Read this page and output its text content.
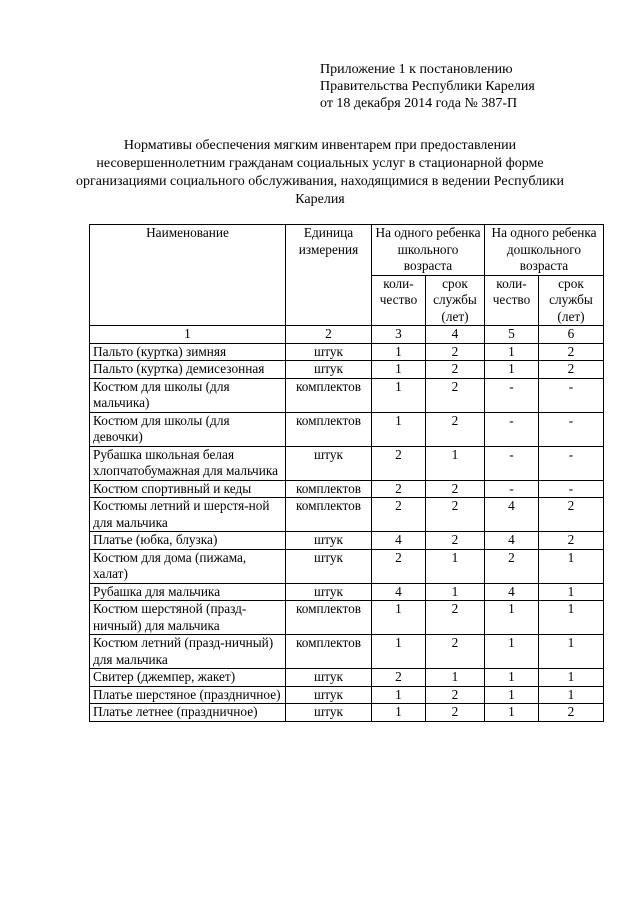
Приложение 1 к постановлению
Правительства Республики Карелия
от 18 декабря 2014 года № 387-П
Нормативы обеспечения мягким инвентарем при предоставлении несовершеннолетним гражданам социальных услуг в стационарной форме организациями социального обслуживания, находящимися в ведении Республики Карелия
Наименование	Единица измерения	На одного ребенка школьного возраста		На одного ребенка дошкольного возраста	
		коли-чество	срок службы (лет)	коли-чество	срок службы (лет)
1	2	3	4	5	6
Пальто (куртка) зимняя	штук	1	2	1	2
Пальто (куртка) демисезонная	штук	1	2	1	2
Костюм для школы (для мальчика)	комплектов	1	2	-	-
Костюм для школы (для девочки)	комплектов	1	2	-	-
Рубашка школьная белая хлопчатобумажная для мальчика	штук	2	1	-	-
Костюм спортивный и кеды	комплектов	2	2	-	-
Костюмы летний и шерстя-ной для мальчика	комплектов	2	2	4	2
Платье (юбка, блузка)	штук	4	2	4	2
Костюм для дома (пижама, халат)	штук	2	1	2	1
Рубашка для мальчика	штук	4	1	4	1
Костюм шерстяной (празд-ничный) для мальчика	комплектов	1	2	1	1
Костюм летний (празд-ничный) для мальчика	комплектов	1	2	1	1
Свитер (джемпер, жакет)	штук	2	1	1	1
Платье шерстяное (праздничное)	штук	1	2	1	1
Платье летнее (праздничное)	штук	1	2	1	2
